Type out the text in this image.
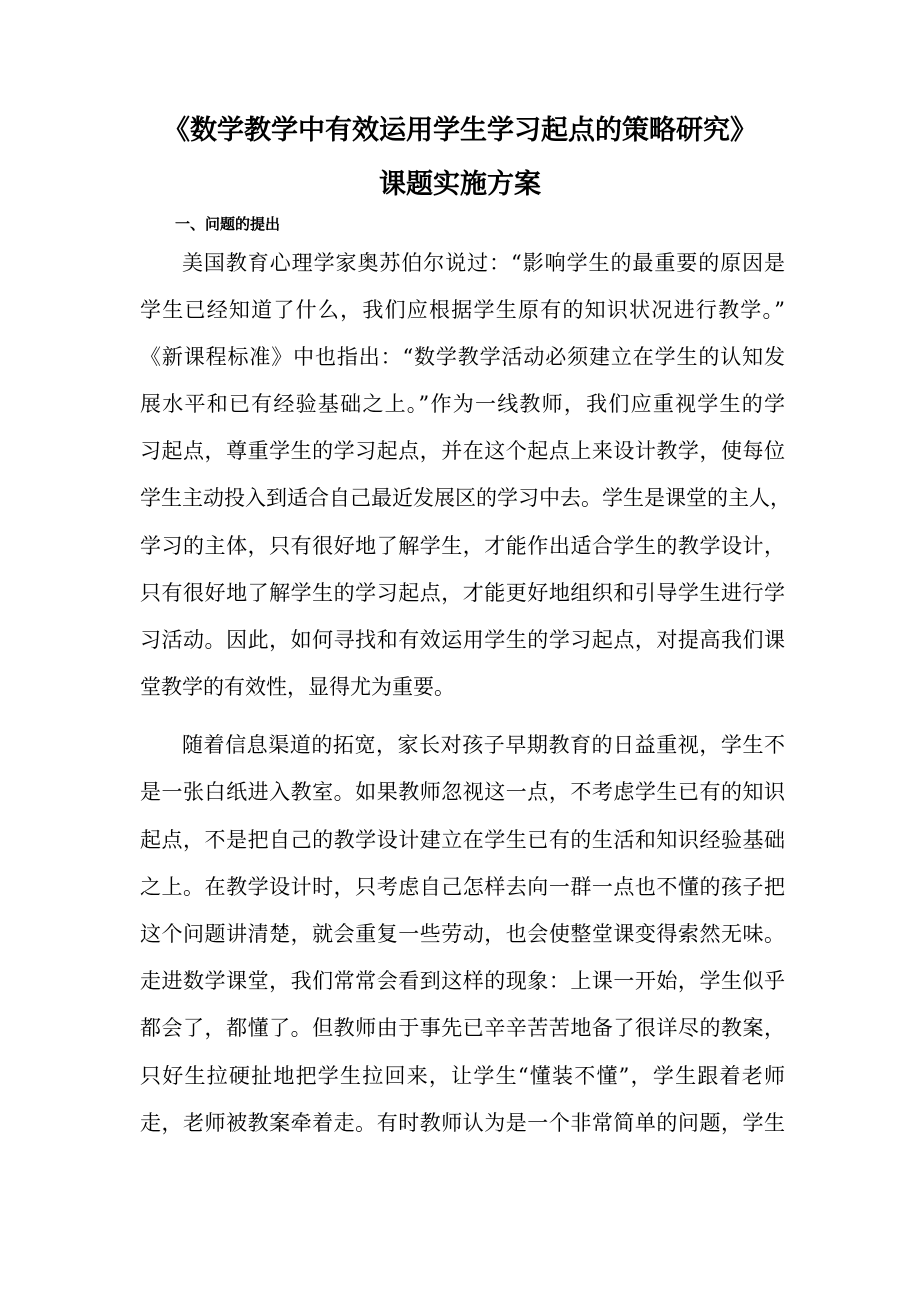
《数学教学中有效运用学生学习起点的策略研究》
课题实施方案

一、问题的提出

美国教育心理学家奥苏伯尔说过：“影响学生的最重要的原因是

学生已经知道了什么，我们应根据学生原有的知识状况进行教学。”

《新课程标准》中也指出：“数学教学活动必须建立在学生的认知发

展水平和已有经验基础之上。”作为一线教师，我们应重视学生的学

习起点，尊重学生的学习起点，并在这个起点上来设计教学，使每位

学生主动投入到适合自己最近发展区的学习中去。学生是课堂的主人，

学习的主体，只有很好地了解学生，才能作出适合学生的教学设计，

只有很好地了解学生的学习起点，才能更好地组织和引导学生进行学

习活动。因此，如何寻找和有效运用学生的学习起点，对提高我们课

堂教学的有效性，显得尤为重要。

随着信息渠道的拓宽，家长对孩子早期教育的日益重视，学生不

是一张白纸进入教室。如果教师忽视这一点，不考虑学生已有的知识

起点，不是把自己的教学设计建立在学生已有的生活和知识经验基础

之上。在教学设计时，只考虑自己怎样去向一群一点也不懂的孩子把

这个问题讲清楚，就会重复一些劳动，也会使整堂课变得索然无味。

走进数学课堂，我们常常会看到这样的现象：上课一开始，学生似乎

都会了，都懂了。但教师由于事先已辛辛苦苦地备了很详尽的教案，

只好生拉硬扯地把学生拉回来，让学生“懂装不懂”，学生跟着老师

走，老师被教案牵着走。有时教师认为是一个非常简单的问题，学生
